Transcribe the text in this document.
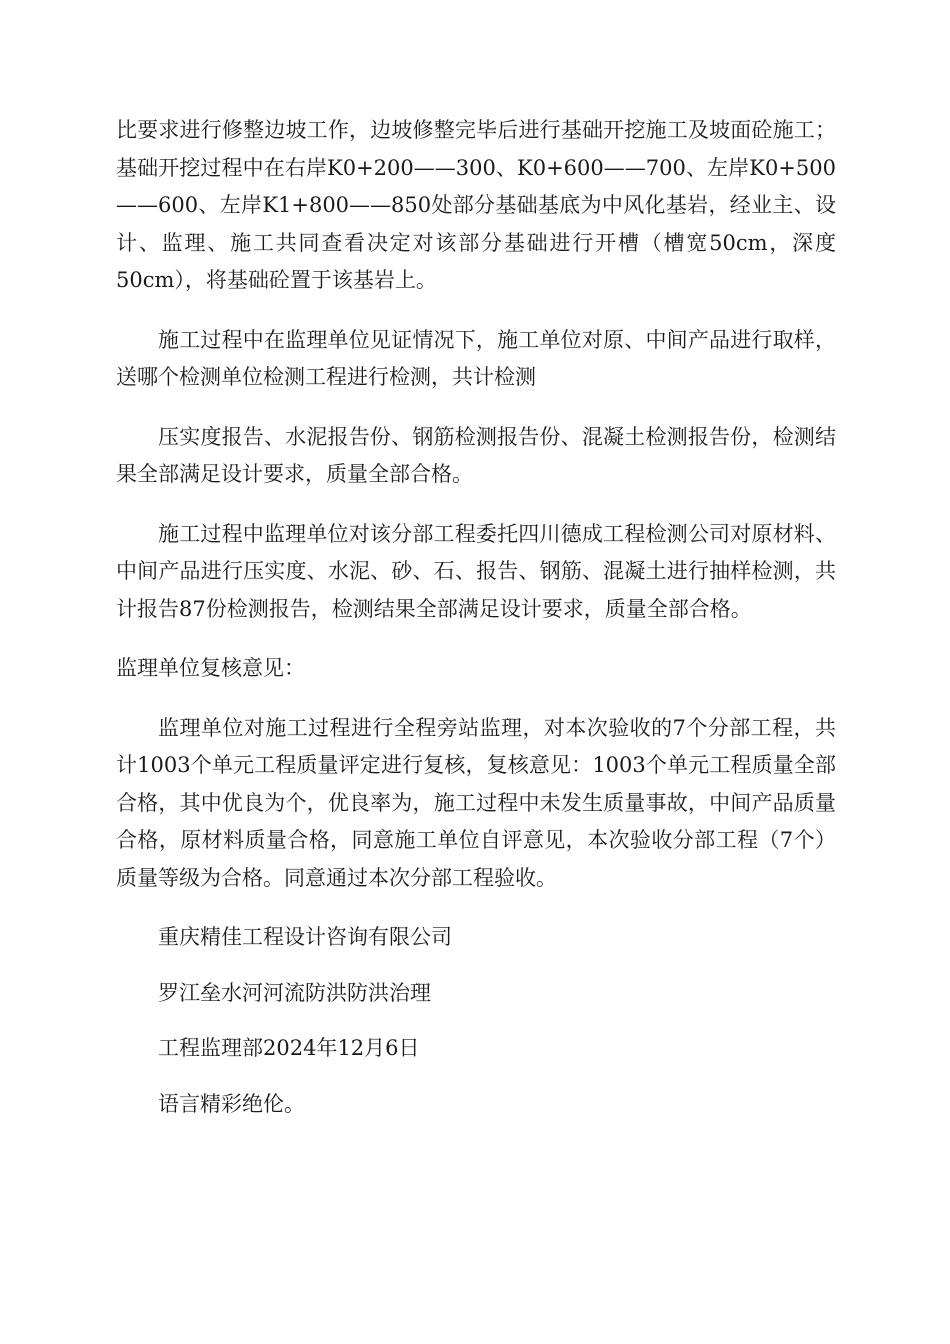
比要求进行修整边坡工作，边坡修整完毕后进行基础开挖施工及坡面砼施工；基础开挖过程中在右岸K0+200——300、K0+600——700、左岸K0+500——600、左岸K1+800——850处部分基础基底为中风化基岩，经业主、设计、监理、施工共同查看决定对该部分基础进行开槽（槽宽50cm，深度50cm），将基础砼置于该基岩上。

施工过程中在监理单位见证情况下，施工单位对原、中间产品进行取样，送哪个检测单位检测工程进行检测，共计检测

压实度报告、水泥报告份、钢筋检测报告份、混凝土检测报告份，检测结果全部满足设计要求，质量全部合格。

施工过程中监理单位对该分部工程委托四川德成工程检测公司对原材料、中间产品进行压实度、水泥、砂、石、报告、钢筋、混凝土进行抽样检测，共计报告87份检测报告，检测结果全部满足设计要求，质量全部合格。

监理单位复核意见：

监理单位对施工过程进行全程旁站监理，对本次验收的7个分部工程，共计1003个单元工程质量评定进行复核，复核意见：1003个单元工程质量全部合格，其中优良为个，优良率为，施工过程中未发生质量事故，中间产品质量合格，原材料质量合格，同意施工单位自评意见，本次验收分部工程（7个）质量等级为合格。同意通过本次分部工程验收。

重庆精佳工程设计咨询有限公司

罗江垒水河河流防洪防洪治理

工程监理部2024年12月6日

语言精彩绝伦。
